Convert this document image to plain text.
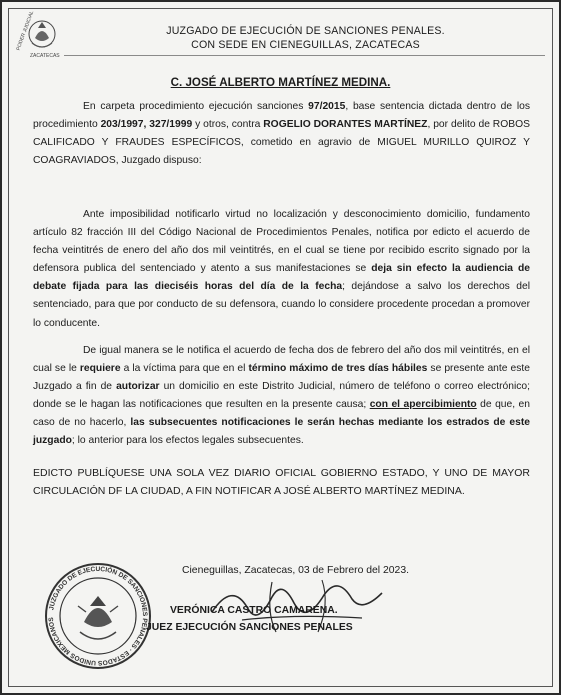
PODER JUDICIAL
ZACATECAS
JUZGADO DE EJECUCIÓN DE SANCIONES PENALES.
CON SEDE EN CIENEGUILLAS, ZACATECAS
C. JOSÉ ALBERTO MARTÍNEZ MEDINA.

En carpeta procedimiento ejecución sanciones 97/2015, base sentencia dictada dentro de los procedimiento 203/1997, 327/1999 y otros, contra ROGELIO DORANTES MARTÍNEZ, por delito de ROBOS CALIFICADO Y FRAUDES ESPECÍFICOS, cometido en agravio de MIGUEL MURILLO QUIROZ Y COAGRAVIADOS, Juzgado dispuso:

Ante imposibilidad notificarlo virtud no localización y desconocimiento domicilio, fundamento artículo 82 fracción III del Código Nacional de Procedimientos Penales, notifica por edicto el acuerdo de fecha veintitrés de enero del año dos mil veintitrés, en el cual se tiene por recibido escrito signado por la defensora publica del sentenciado y atento a sus manifestaciones se deja sin efecto la audiencia de debate fijada para las dieciséis horas del día de la fecha; dejándose a salvo los derechos del sentenciado, para que por conducto de su defensora, cuando lo considere procedente procedan a promover lo conducente.

De igual manera se le notifica el acuerdo de fecha dos de febrero del año dos mil veintitrés, en el cual se le requiere a la víctima para que en el término máximo de tres días hábiles se presente ante este Juzgado a fin de autorizar un domicilio en este Distrito Judicial, número de teléfono o correo electrónico; donde se le hagan las notificaciones que resulten en la presente causa; con el apercibimiento de que, en caso de no hacerlo, las subsecuentes notificaciones le serán hechas mediante los estrados de este juzgado; lo anterior para los efectos legales subsecuentes.

EDICTO PUBLÍQUESE UNA SOLA VEZ DIARIO OFICIAL GOBIERNO ESTADO, Y UNO DE MAYOR CIRCULACIÓN DF LA CIUDAD, A FIN NOTIFICAR A JOSÉ ALBERTO MARTÍNEZ MEDINA.
JUZGADO DE EJECUCIÓN DE SANCIONES PENALES · ESTADOS UNIDOS MEXICANOS
Cieneguillas, Zacatecas, 03 de Febrero del 2023.
VERÓNICA CASTRO CAMARENA.
JUEZ EJECUCIÓN SANCIONES PENALES
